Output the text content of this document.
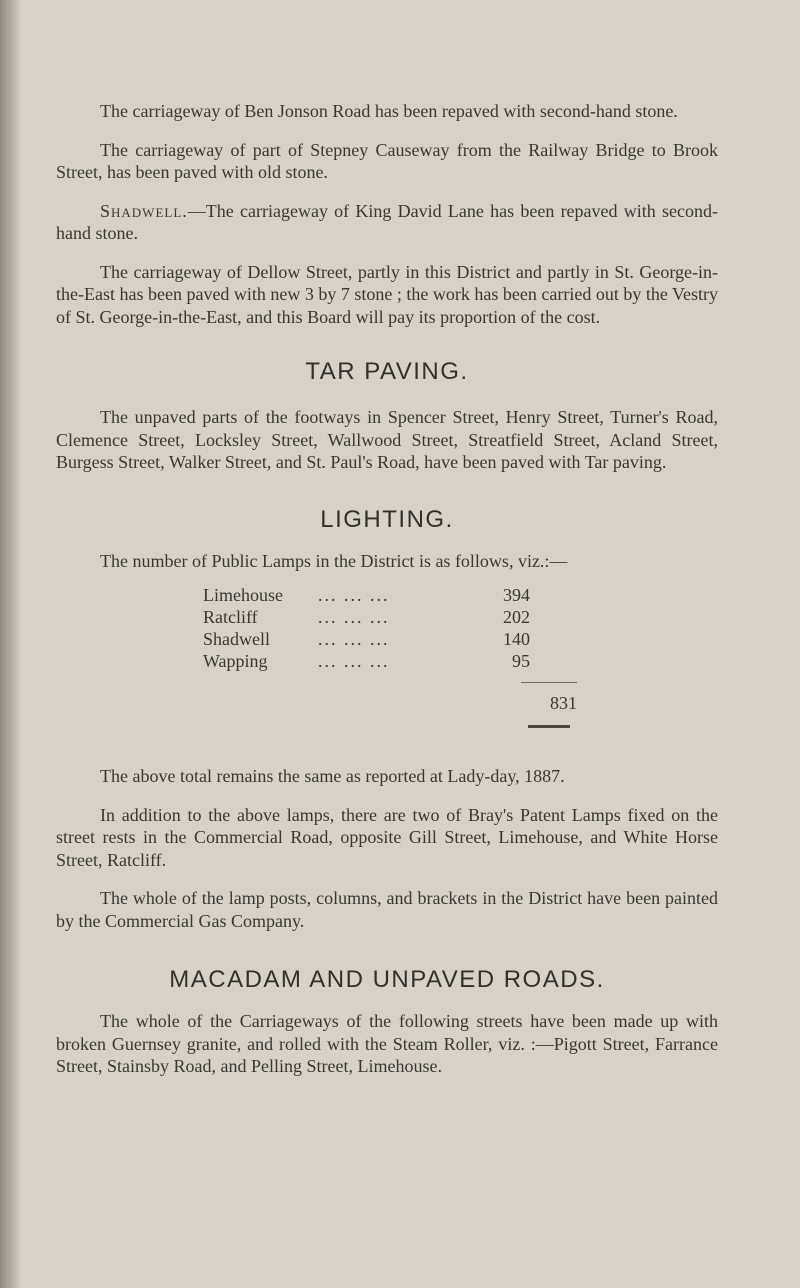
The carriageway of Ben Jonson Road has been repaved with second-hand stone.

The carriageway of part of Stepney Causeway from the Railway Bridge to Brook Street, has been paved with old stone.

Shadwell.—The carriageway of King David Lane has been repaved with second-hand stone.

The carriageway of Dellow Street, partly in this District and partly in St. George-in-the-East has been paved with new 3 by 7 stone ; the work has been carried out by the Vestry of St. George-in-the-East, and this Board will pay its proportion of the cost.

TAR PAVING.

The unpaved parts of the footways in Spencer Street, Henry Street, Turner's Road, Clemence Street, Locksley Street, Wallwood Street, Streatfield Street, Acland Street, Burgess Street, Walker Street, and St. Paul's Road, have been paved with Tar paving.

LIGHTING.

The number of Public Lamps in the District is as follows, viz.:—

Limehouse	... ... ...	394
Ratcliff	... ... ...	202
Shadwell	... ... ...	140
Wapping	... ... ...	95
831

The above total remains the same as reported at Lady-day, 1887.

In addition to the above lamps, there are two of Bray's Patent Lamps fixed on the street rests in the Commercial Road, opposite Gill Street, Limehouse, and White Horse Street, Ratcliff.

The whole of the lamp posts, columns, and brackets in the District have been painted by the Commercial Gas Company.

MACADAM AND UNPAVED ROADS.

The whole of the Carriageways of the following streets have been made up with broken Guernsey granite, and rolled with the Steam Roller, viz. :—Pigott Street, Farrance Street, Stainsby Road, and Pelling Street, Limehouse.
